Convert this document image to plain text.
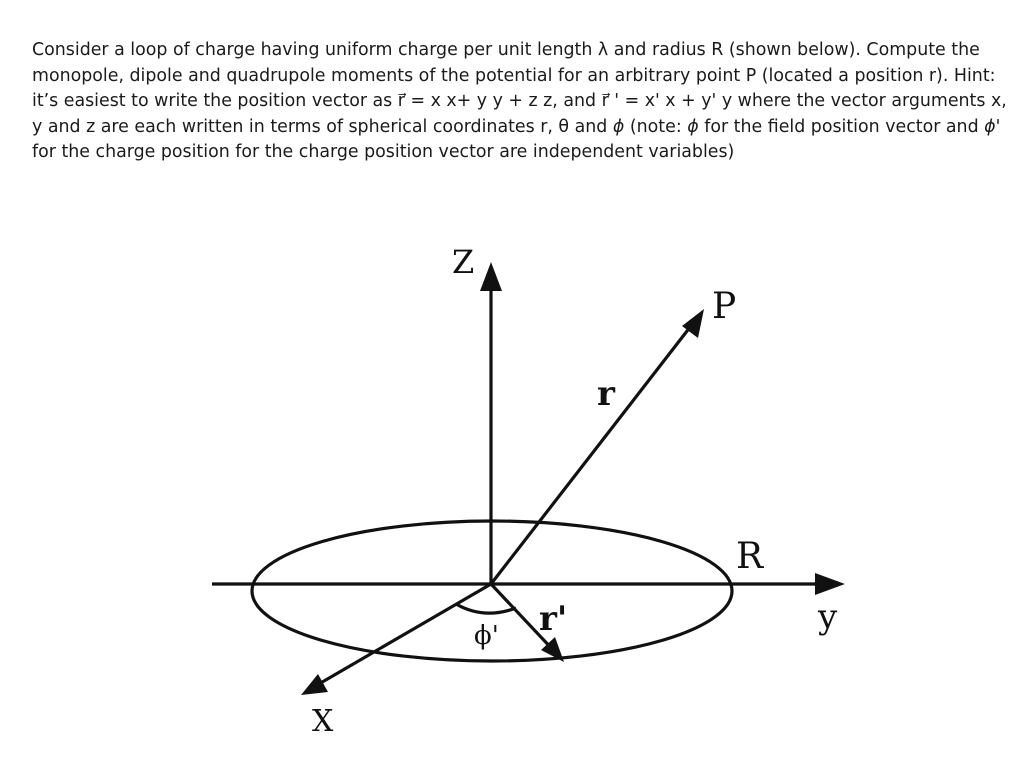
Consider a loop of charge having uniform charge per unit length λ and radius R (shown below). Compute the monopole, dipole and quadrupole moments of the potential for an arbitrary point P (located a position r). Hint: it’s easiest to write the position vector as r⃗ = x x+ y y + z z, and r⃗ ' = x' x + y' y where the vector arguments x, y and z are each written in terms of spherical coordinates r, θ and ϕ (note: ϕ for the field position vector and ϕ' for the charge position for the charge position vector are independent variables)

Z
y
X
P
r
r'
R
ϕ'
